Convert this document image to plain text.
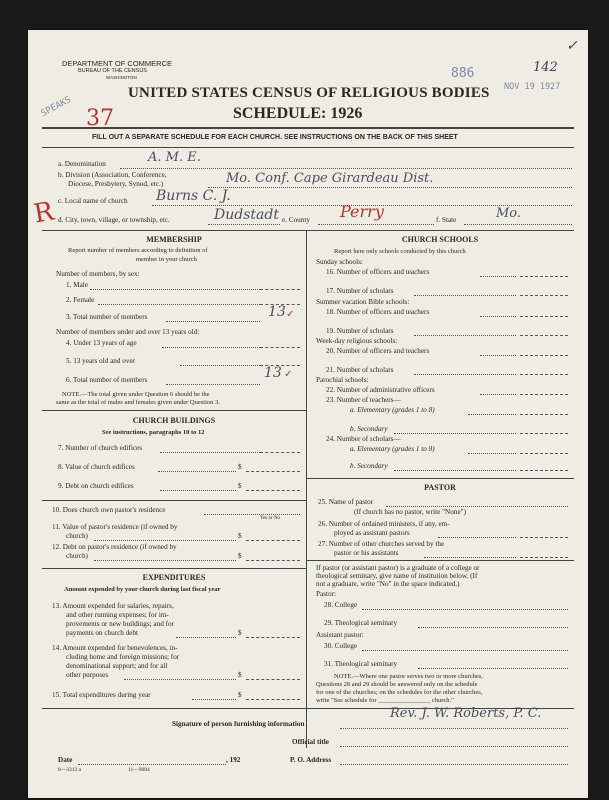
886
NOV 19 1927
142
✓
SPEAKS 37
DEPARTMENT OF COMMERCE
BUREAU OF THE CENSUS
WASHINGTON
UNITED STATES CENSUS OF RELIGIOUS BODIES
SCHEDULE: 1926
FILL OUT A SEPARATE SCHEDULE FOR EACH CHURCH. SEE INSTRUCTIONS ON THE BACK OF THIS SHEET
a. Denomination	A. M. E.
b. Division (Association, Conference,
Diocese, Presbytery, Synod, etc.)	Mo. Conf. Cape Girardeau Dist.
c. Local name of church Burns C. J.
R d. City, town, village, or township, etc.	Dudstadt e. County Perry	f. State	Mo.
MEMBERSHIP
Report number of members according to definition of
member in your church
Number of members, by sex:
1. Male
2. Female
3. Total number of members	13 ✓
Number of members under and over 13 years old:
4. Under 13 years of age
5. 13 years old and over
6. Total number of members	13 ✓
NOTE.—The total given under Question 6 should be the
same as the total of males and females given under Question 3.
CHURCH BUILDINGS
See instructions, paragraphs 10 to 12
7. Number of church edifices
8. Value of church edifices	$
9. Debt on church edifices	$
10. Does church own pastor's residence
Yes or No
11. Value of pastor's residence (if owned by
church)	$
12. Debt on pastor's residence (if owned by
church)	$
EXPENDITURES
Amount expended by your church during last fiscal year
13. Amount expended for salaries, repairs,
and other running expenses; for im-
provements or new buildings; and for
payments on church debt	$
14. Amount expended for benevolences, in-
cluding home and foreign missions; for
denominational support; and for all
other purposes	$
15. Total expenditures during year	$
CHURCH SCHOOLS
Report here only schools conducted by this church
Sunday schools:
16. Number of officers and teachers
17. Number of scholars
Summer vacation Bible schools:
18. Number of officers and teachers
19. Number of scholars
Week-day religious schools:
20. Number of officers and teachers
21. Number of scholars
Parochial schools:
22. Number of administrative officers
23. Number of teachers—
a. Elementary (grades 1 to 8)
b. Secondary
24. Number of scholars—
a. Elementary (grades 1 to 8)
b. Secondary
PASTOR
25. Name of pastor
(If church has no pastor, write "None")
26. Number of ordained ministers, if any, em-
ployed as assistant pastors
27. Number of other churches served by the
pastor or his assistants
If pastor (or assistant pastor) is a graduate of a college or
theological seminary, give name of institution below. (If
not a graduate, write "No" in the space indicated.)
Pastor:
28. College
29. Theological seminary
Assistant pastor:
30. College
31. Theological seminary
NOTE.—Where one pastor serves two or more churches,
Questions 28 and 29 should be answered only on the schedule
for one of the churches; on the schedules for the other churches,
write "See schedule for ________________ church."
Signature of person furnishing information
Rev. J. W. Roberts, P. C.
Official title
Date	, 192	P. O. Address
8—3313 a	11—9084
